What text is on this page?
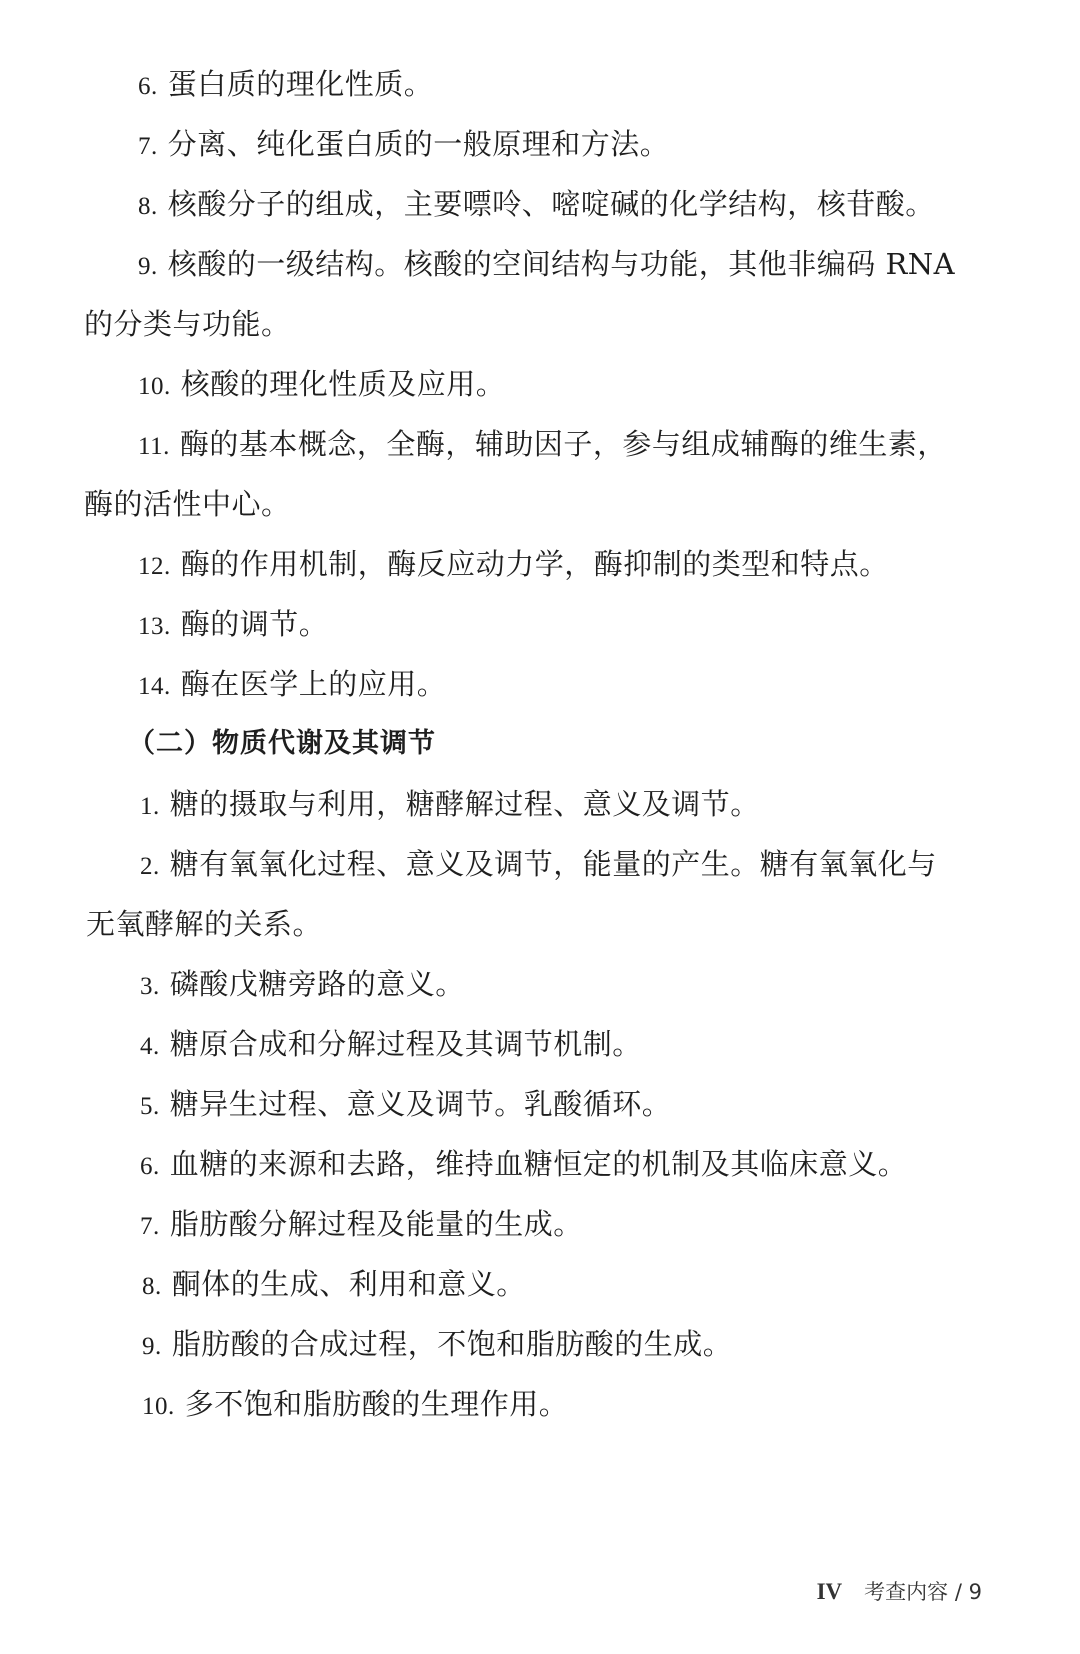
6. 蛋白质的理化性质。
7. 分离、纯化蛋白质的一般原理和方法。
8. 核酸分子的组成，主要嘌呤、嘧啶碱的化学结构，核苷酸。
9. 核酸的一级结构。核酸的空间结构与功能，其他非编码 RNA
的分类与功能。
10. 核酸的理化性质及应用。
11. 酶的基本概念，全酶，辅助因子，参与组成辅酶的维生素，
酶的活性中心。
12. 酶的作用机制，酶反应动力学，酶抑制的类型和特点。
13. 酶的调节。
14. 酶在医学上的应用。
（二）物质代谢及其调节
1. 糖的摄取与利用，糖酵解过程、意义及调节。
2. 糖有氧氧化过程、意义及调节，能量的产生。糖有氧氧化与
无氧酵解的关系。
3. 磷酸戊糖旁路的意义。
4. 糖原合成和分解过程及其调节机制。
5. 糖异生过程、意义及调节。乳酸循环。
6. 血糖的来源和去路，维持血糖恒定的机制及其临床意义。
7. 脂肪酸分解过程及能量的生成。
8. 酮体的生成、利用和意义。
9. 脂肪酸的合成过程，不饱和脂肪酸的生成。
10. 多不饱和脂肪酸的生理作用。
IV 考查内容 / 9
